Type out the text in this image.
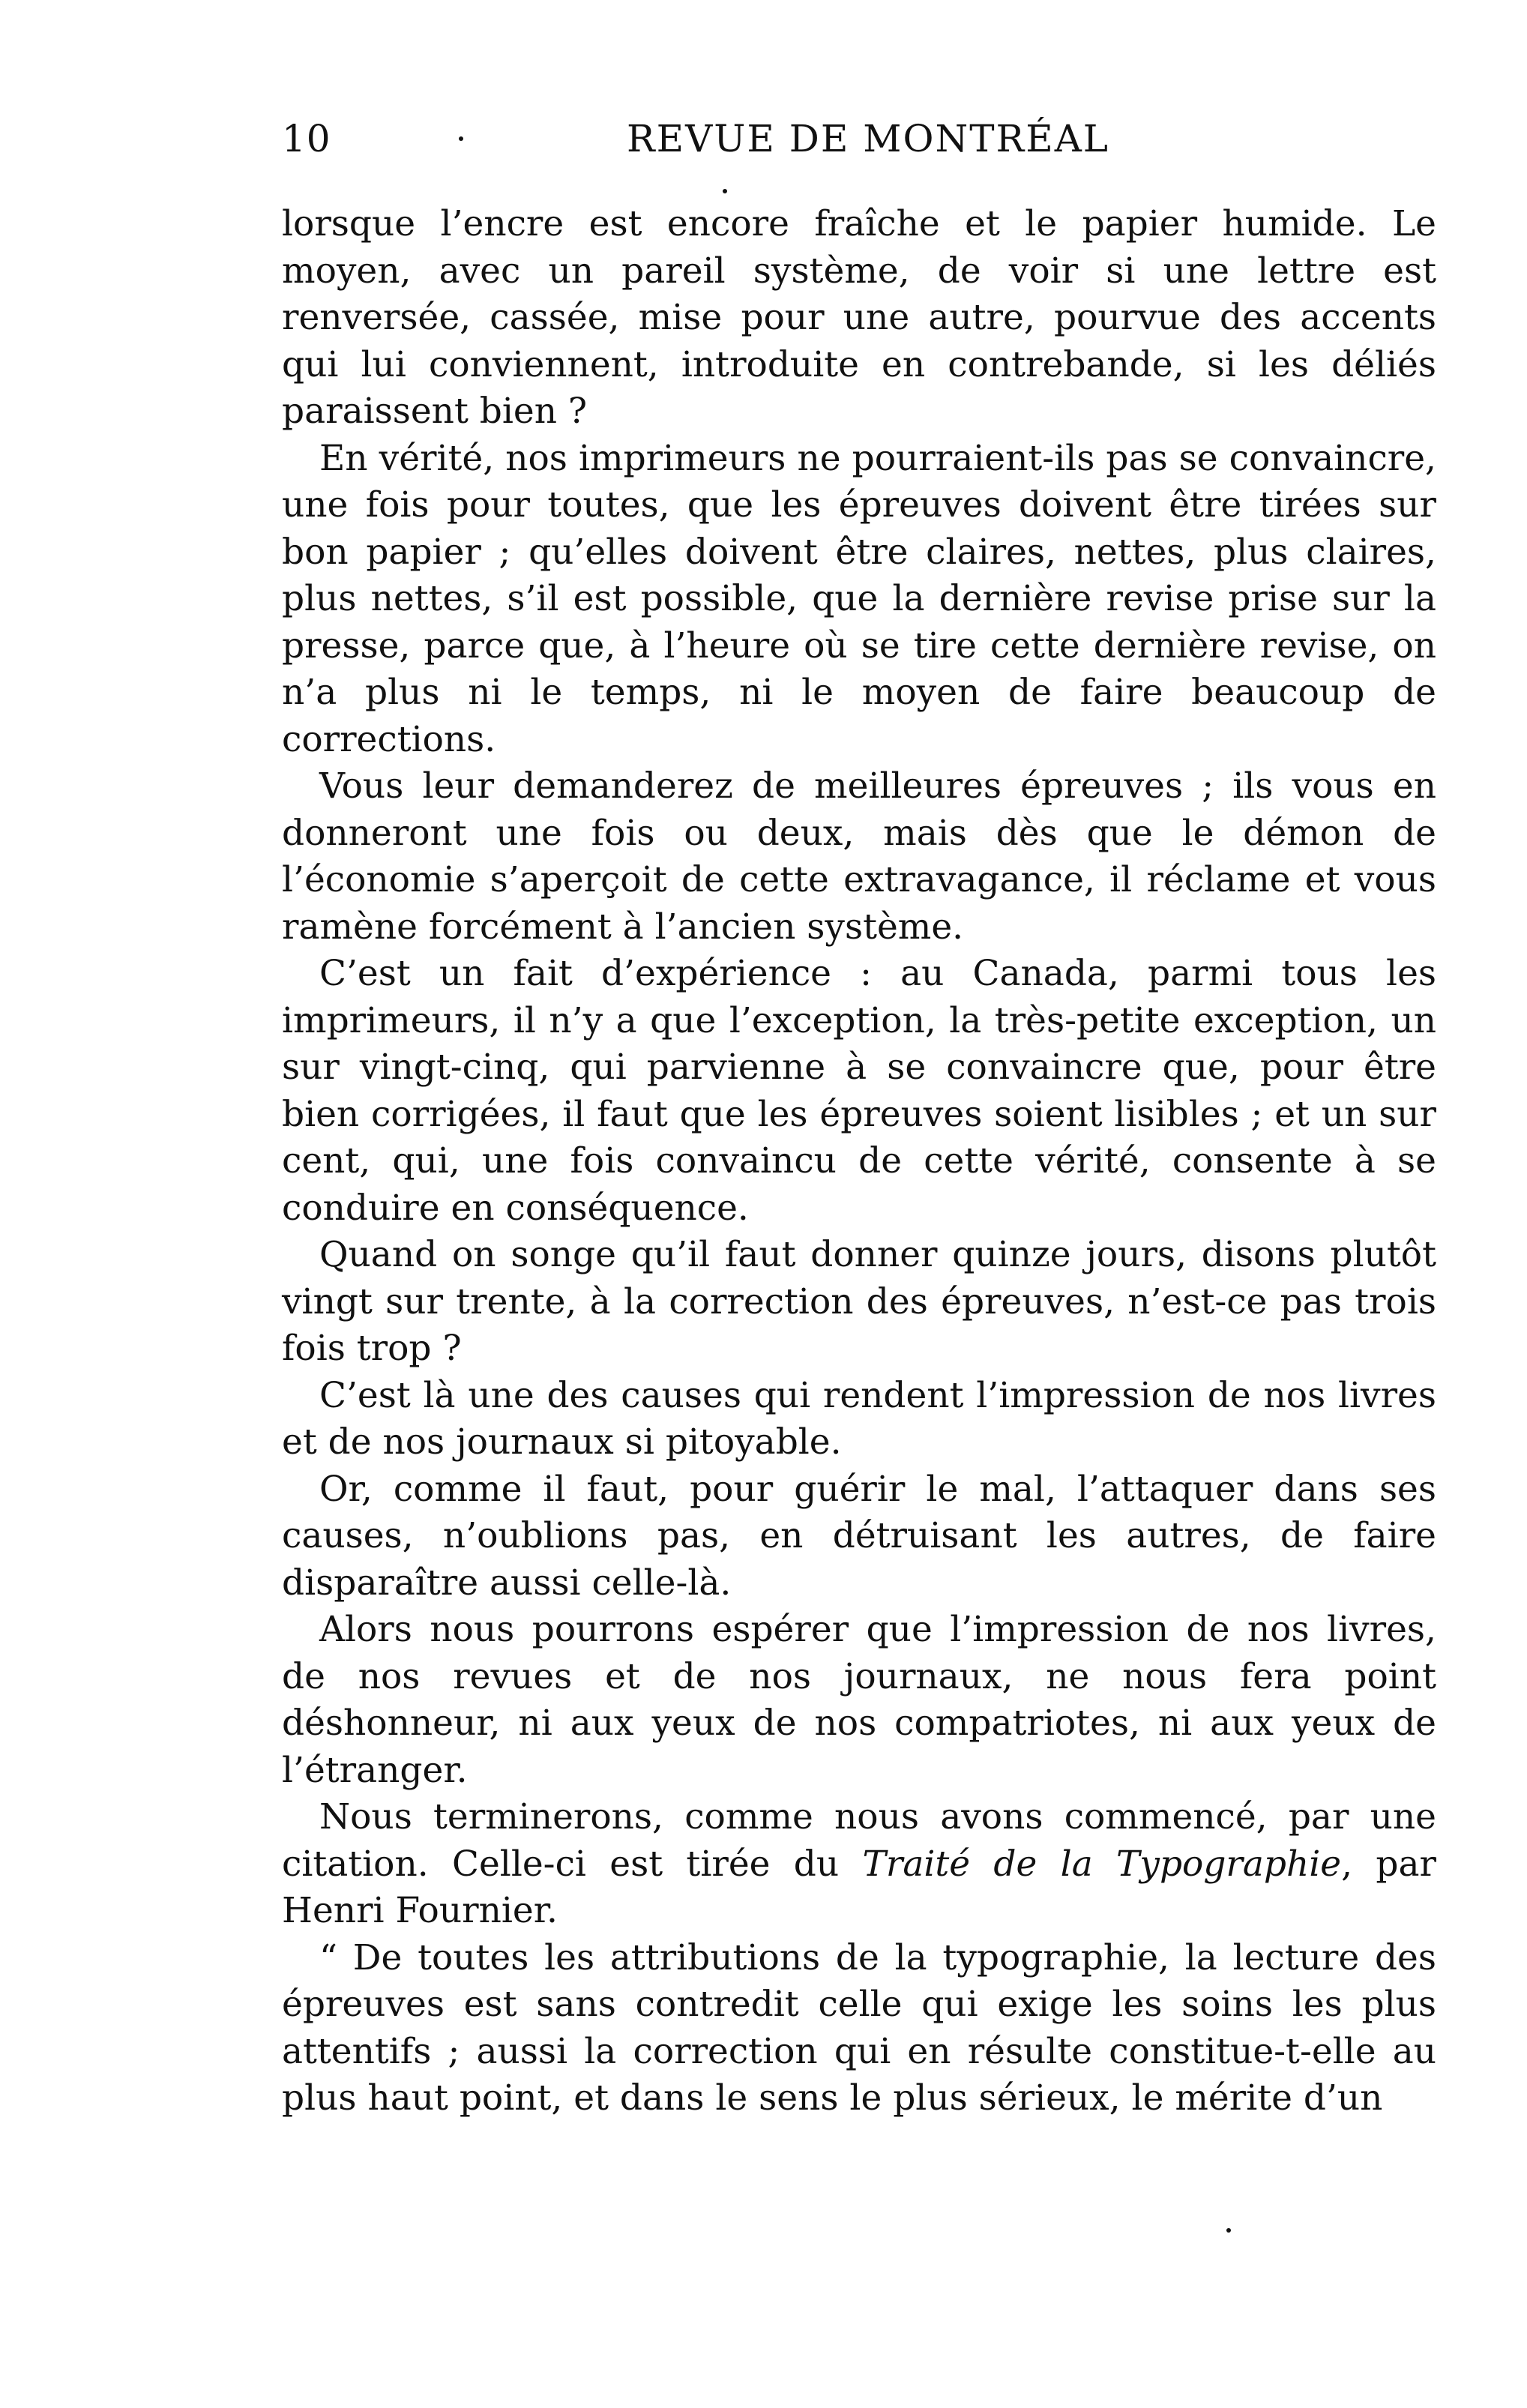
10	REVUE DE MONTRÉAL

lorsque l’encre est encore fraîche et le papier humide. Le moyen, avec un pareil système, de voir si une lettre est renversée, cassée, mise pour une autre, pourvue des accents qui lui conviennent, introduite en contrebande, si les déliés paraissent bien ?

En vérité, nos imprimeurs ne pourraient-ils pas se convaincre, une fois pour toutes, que les épreuves doivent être tirées sur bon papier ; qu’elles doivent être claires, nettes, plus claires, plus nettes, s’il est possible, que la dernière revise prise sur la presse, parce que, à l’heure où se tire cette dernière revise, on n’a plus ni le temps, ni le moyen de faire beaucoup de corrections.

Vous leur demanderez de meilleures épreuves ; ils vous en donneront une fois ou deux, mais dès que le démon de l’économie s’aperçoit de cette extravagance, il réclame et vous ramène forcément à l’ancien système.

C’est un fait d’expérience : au Canada, parmi tous les imprimeurs, il n’y a que l’exception, la très-petite exception, un sur vingt-cinq, qui parvienne à se convaincre que, pour être bien corrigées, il faut que les épreuves soient lisibles ; et un sur cent, qui, une fois convaincu de cette vérité, consente à se conduire en conséquence.

Quand on songe qu’il faut donner quinze jours, disons plutôt vingt sur trente, à la correction des épreuves, n’est-ce pas trois fois trop ?

C’est là une des causes qui rendent l’impression de nos livres et de nos journaux si pitoyable.

Or, comme il faut, pour guérir le mal, l’attaquer dans ses causes, n’oublions pas, en détruisant les autres, de faire disparaître aussi celle-là.

Alors nous pourrons espérer que l’impression de nos livres, de nos revues et de nos journaux, ne nous fera point déshonneur, ni aux yeux de nos compatriotes, ni aux yeux de l’étranger.

Nous terminerons, comme nous avons commencé, par une citation. Celle-ci est tirée du Traité de la Typographie, par Henri Fournier.

“ De toutes les attributions de la typographie, la lecture des épreuves est sans contredit celle qui exige les soins les plus attentifs ; aussi la correction qui en résulte constitue-t-elle au plus haut point, et dans le sens le plus sérieux, le mérite d’un
